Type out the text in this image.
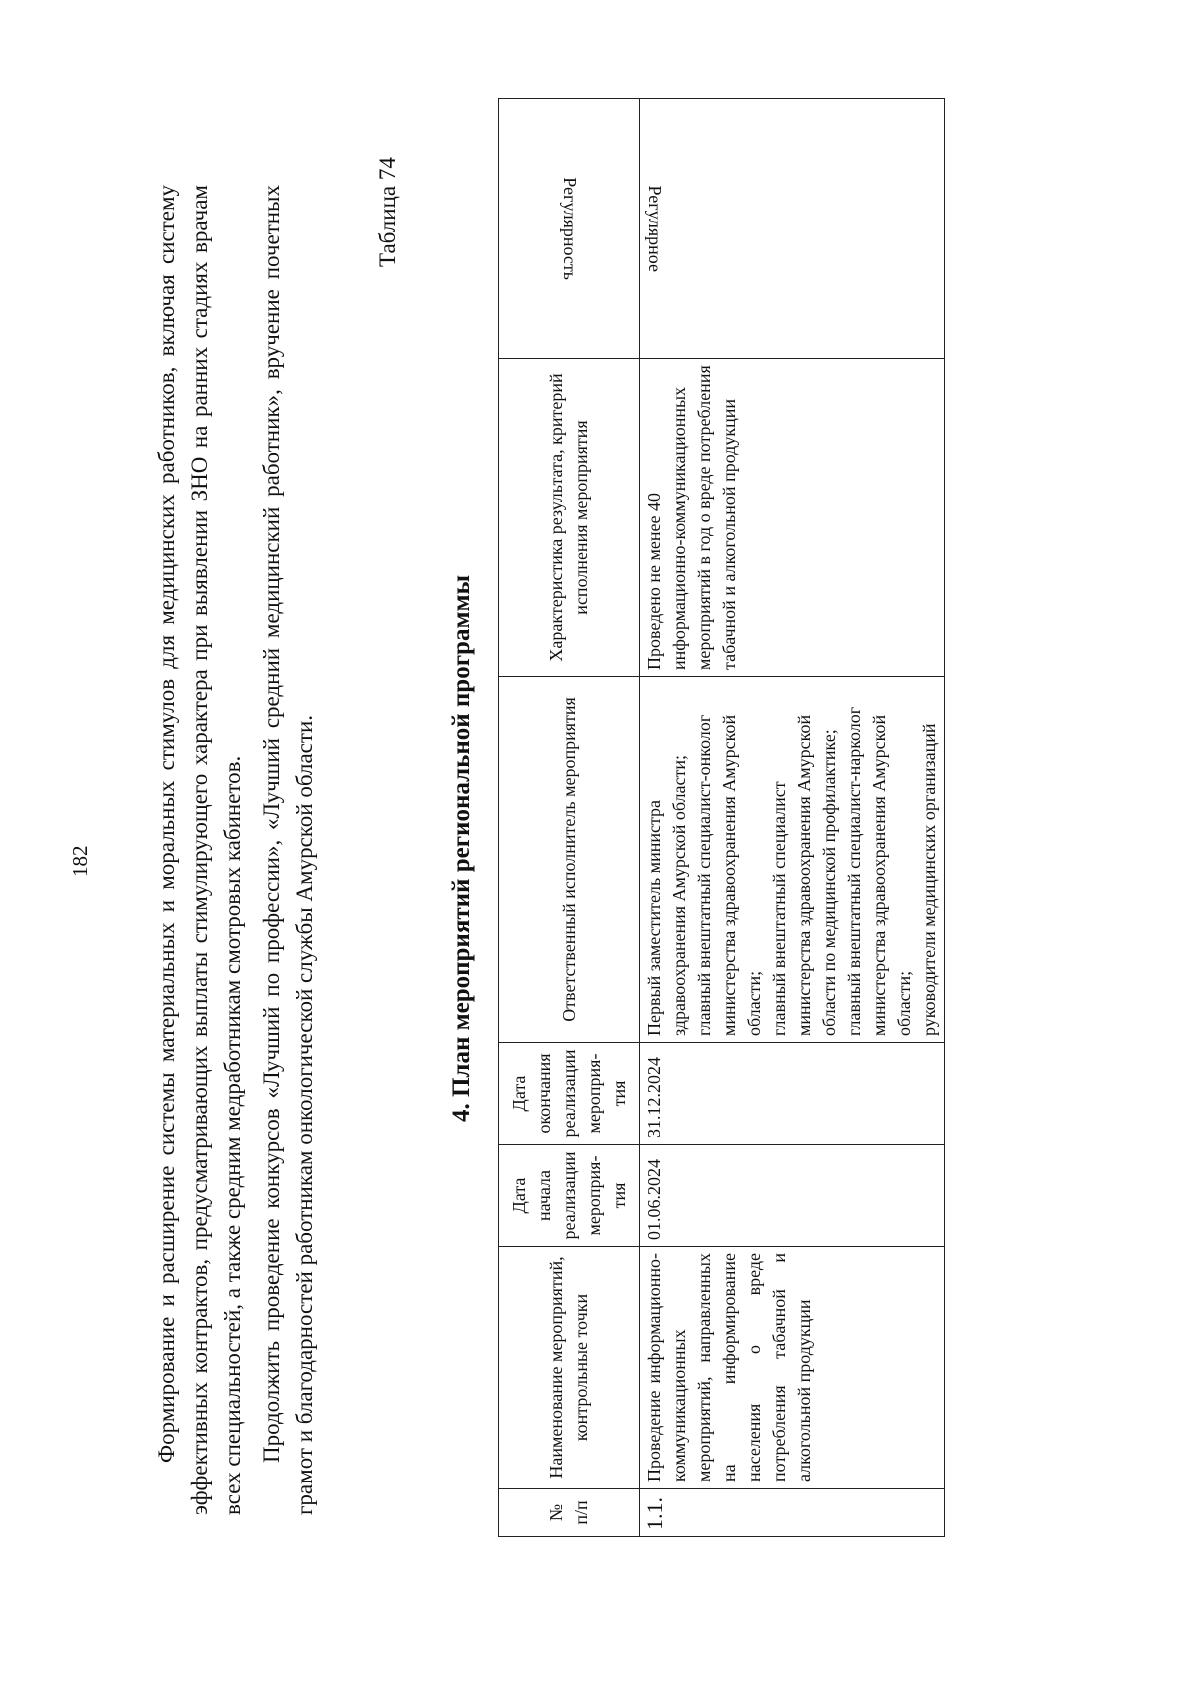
182	Формирование и расширение системы материальных и моральных стимулов для медицинских работников, включая систему эффективных контрактов, предусматривающих выплаты стимулирующего характера при выявлении ЗНО на ранних стадиях врачам всех специальностей, а также средним медработникам смотровых кабинетов. Продолжить проведение конкурсов «Лучший по профессии», «Лучший средний медицинский работник», вручение почетных грамот и благодарностей работникам онкологической службы Амурской области.
Таблица 74
4. План мероприятий региональной программы
№ п/п	Наименование мероприятий, контрольные точки	Дата начала реализации мероприя-тия	Дата окончания реализации мероприя-тия	Ответственный исполнитель мероприятия	Характеристика результата, критерий исполнения мероприятия	Регулярность
1.1.	Проведение информационно-коммуникационных мероприятий, направленных на информирование населения о вреде потребления табачной и алкогольной продукции	01.06.2024	31.12.2024	Первый заместитель министра здравоохранения Амурской области; главный внештатный специалист-онколог министерства здравоохранения Амурской области; главный внештатный специалист министерства здравоохранения Амурской области по медицинской профилактике; главный внештатный специалист-нарколог министерства здравоохранения Амурской области; руководители медицинских организаций	Проведено не менее 40 информационно-коммуникационных мероприятий в год о вреде потребления табачной и алкогольной продукции	Регулярное
